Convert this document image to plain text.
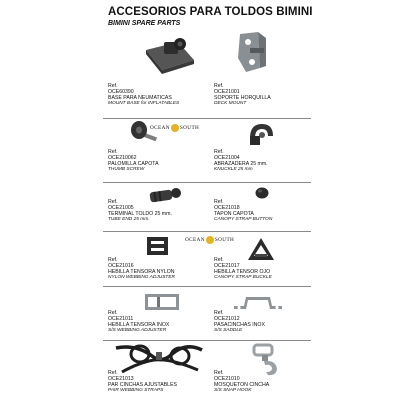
ACCESORIOS PARA TOLDOS BIMINI
BIMINI SPARE PARTS
OCEAN SOUTH
OCEAN SOUTH
Ref.
OCE60390
BASE PARA NEUMATICAS
MOUNT BASE for INFLATABLES
Ref.
OCE21001
SOPORTE HORQUILLA
DECK MOUNT
Ref.
OCE210062
PALOMILLA CAPOTA
THUMB SCREW
Ref.
OCE21004
ABRAZADERA 25 mm.
KNUCKLE 25 mm
Ref.
OCE21005
TERMINAL TOLDO 25 mm.
TUBE END 25 mm.
Ref.
OCE21018
TAPON CAPOTA
CANOPY STRAP BUTTON
Ref.
OCE21016
HEBILLA TENSORA NYLON
NYLON WEBBING ADJUSTER
Ref.
OCE21017
HEBILLA TENSOR OJO
CANOPY STRAP BUCKLE
Ref.
OCE21011
HEBILLA TENSORA INOX
S/S WEBBING ADJUSTER
Ref.
OCE21012
PASACINCHAS INOX
S/S SADDLE
Ref.
OCE21013
PAR CINCHAS AJUSTABLES
PAIR WEBBING STRAPS
Ref.
OCE21010
MOSQUETON CINCHA
S/S SNAP HOOK
